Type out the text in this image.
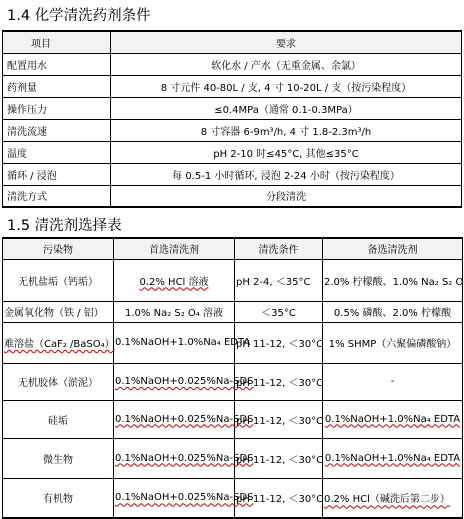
1.4 化学清洗药剂条件
项目	要求
配置用水	软化水 / 产水（无重金属、余氯）
药剂量	8 寸元件 40-80L / 支, 4 寸 10-20L / 支（按污染程度）
操作压力	≤0.4MPa（通常 0.1-0.3MPa）
清洗流速	8 寸容器 6-9m³/h, 4 寸 1.8-2.3m³/h
温度	pH 2-10 时≤45°C, 其他≤35°C
循环 / 浸泡	每 0.5-1 小时循环, 浸泡 2-24 小时（按污染程度）
清洗方式	分段清洗
1.5 清洗剂选择表
污染物	首选清洗剂	清洗条件	备选清洗剂
无机盐垢（钙垢）	0.2% HCl 溶液	pH 2-4, ＜35°C	2.0% 柠檬酸、1.0% Na₂ S₂ O
金属氧化物（铁 / 铝）	1.0% Na₂ S₂ O₄ 溶液	＜35°C	0.5% 磷酸、2.0% 柠檬酸
难溶盐（CaF₂ /BaSO₄）	0.1%NaOH+1.0%Na₄ EDTA	pH 11-12, ＜30°C	1% SHMP（六聚偏磷酸钠）
无机胶体（淤泥）	0.1%NaOH+0.025%Na-SDS	pH 11-12, ＜30°C	-
硅垢	0.1%NaOH+0.025%Na-SDS	pH 11-12, ＜30°C	0.1%NaOH+1.0%Na₄ EDTA
微生物	0.1%NaOH+0.025%Na-SDS	pH 11-12, ＜30°C	0.1%NaOH+1.0%Na₄ EDTA
有机物	0.1%NaOH+0.025%Na-SDS	pH 11-12, ＜30°C	0.2% HCl（碱洗后第二步）
